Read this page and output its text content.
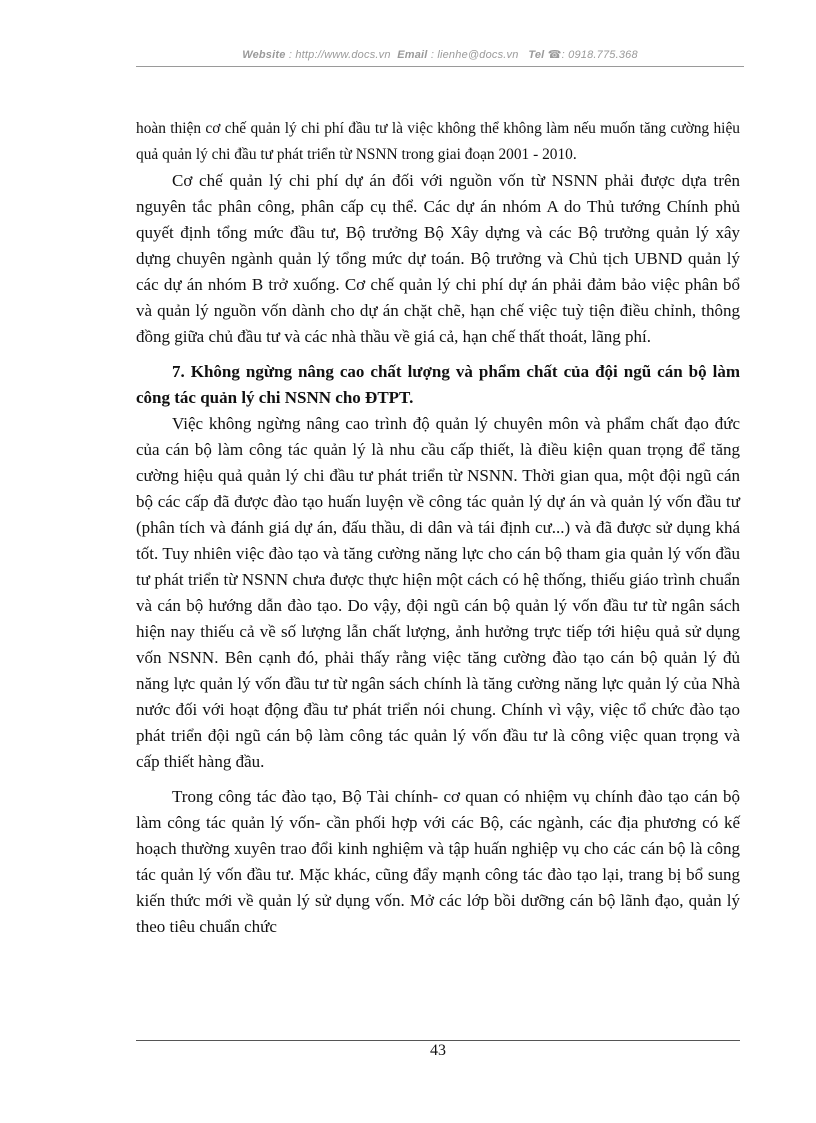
Website : http://www.docs.vn Email : lienhe@docs.vn Tel ☎: 0918.775.368

hoàn thiện cơ chế quản lý chi phí đầu tư là việc không thể không làm nếu muốn tăng cường hiệu quả quản lý chi đầu tư phát triển từ NSNN trong giai đoạn 2001 - 2010.

Cơ chế quản lý chi phí dự án đối với nguồn vốn từ NSNN phải được dựa trên nguyên tắc phân công, phân cấp cụ thể. Các dự án nhóm A do Thủ tướng Chính phủ quyết định tổng mức đầu tư, Bộ trưởng Bộ Xây dựng và các Bộ trưởng quản lý xây dựng chuyên ngành quản lý tổng mức dự toán. Bộ trưởng và Chủ tịch UBND quản lý các dự án nhóm B trở xuống. Cơ chế quản lý chi phí dự án phải đảm bảo việc phân bổ và quản lý nguồn vốn dành cho dự án chặt chẽ, hạn chế việc tuỳ tiện điều chỉnh, thông đồng giữa chủ đầu tư và các nhà thầu về giá cả, hạn chế thất thoát, lãng phí.

7. Không ngừng nâng cao chất lượng và phẩm chất của đội ngũ cán bộ làm công tác quản lý chi NSNN cho ĐTPT.

Việc không ngừng nâng cao trình độ quản lý chuyên môn và phẩm chất đạo đức của cán bộ làm công tác quản lý là nhu cầu cấp thiết, là điều kiện quan trọng để tăng cường hiệu quả quản lý chi đầu tư phát triển từ NSNN. Thời gian qua, một đội ngũ cán bộ các cấp đã được đào tạo huấn luyện về công tác quản lý dự án và quản lý vốn đầu tư (phân tích và đánh giá dự án, đấu thầu, di dân và tái định cư...) và đã được sử dụng khá tốt. Tuy nhiên việc đào tạo và tăng cường năng lực cho cán bộ tham gia quản lý vốn đầu tư phát triển từ NSNN chưa được thực hiện một cách có hệ thống, thiếu giáo trình chuẩn và cán bộ hướng dẫn đào tạo. Do vậy, đội ngũ cán bộ quản lý vốn đầu tư từ ngân sách hiện nay thiếu cả về số lượng lẫn chất lượng, ảnh hưởng trực tiếp tới hiệu quả sử dụng vốn NSNN. Bên cạnh đó, phải thấy rằng việc tăng cường đào tạo cán bộ quản lý đủ năng lực quản lý vốn đầu tư từ ngân sách chính là tăng cường năng lực quản lý của Nhà nước đối với hoạt động đầu tư phát triển nói chung. Chính vì vậy, việc tổ chức đào tạo phát triển đội ngũ cán bộ làm công tác quản lý vốn đầu tư là công việc quan trọng và cấp thiết hàng đầu.

Trong công tác đào tạo, Bộ Tài chính- cơ quan có nhiệm vụ chính đào tạo cán bộ làm công tác quản lý vốn- cần phối hợp với các Bộ, các ngành, các địa phương có kế hoạch thường xuyên trao đổi kinh nghiệm và tập huấn nghiệp vụ cho các cán bộ là công tác quản lý vốn đầu tư. Mặc khác, cũng đẩy mạnh công tác đào tạo lại, trang bị bổ sung kiến thức mới về quản lý sử dụng vốn. Mở các lớp bồi dưỡng cán bộ lãnh đạo, quản lý theo tiêu chuẩn chức

43
